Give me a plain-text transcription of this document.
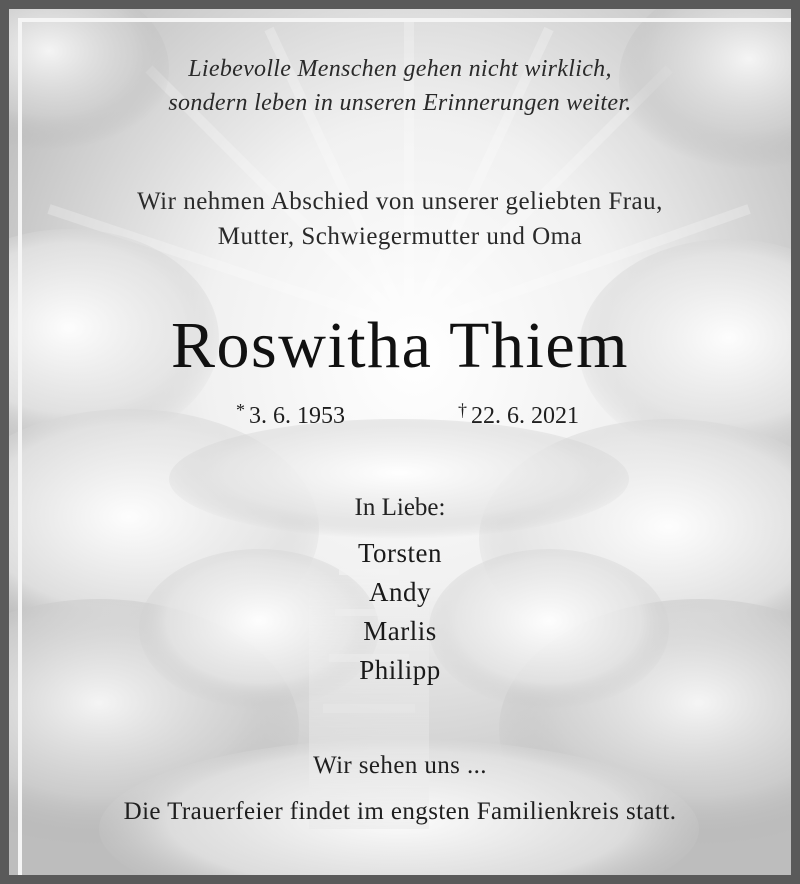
Liebevolle Menschen gehen nicht wirklich,
sondern leben in unseren Erinnerungen weiter.
Wir nehmen Abschied von unserer geliebten Frau,
Mutter, Schwiegermutter und Oma
Roswitha Thiem
* 3. 6. 1953	† 22. 6. 2021
In Liebe:
Torsten
Andy
Marlis
Philipp
Wir sehen uns ...
Die Trauerfeier findet im engsten Familienkreis statt.
